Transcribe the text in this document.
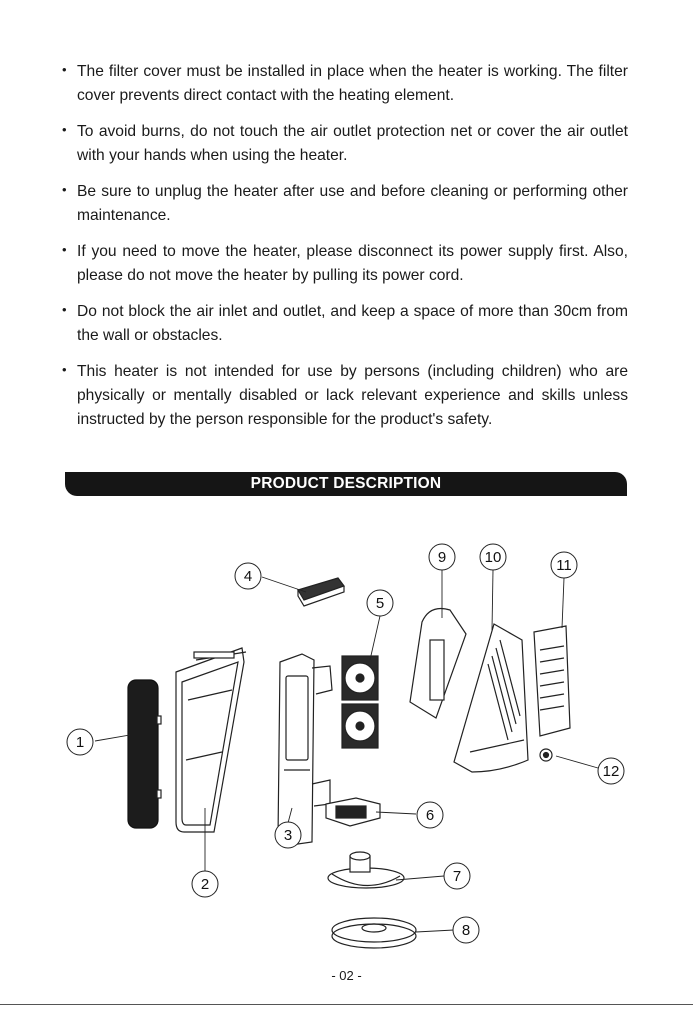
• The filter cover must be installed in place when the heater is working. The filter cover prevents direct contact with the heating element.
• To avoid burns, do not touch the air outlet protection net or cover the air outlet with your hands when using the heater.
• Be sure to unplug the heater after use and before cleaning or performing other maintenance.
• If you need to move the heater, please disconnect its power supply first. Also, please do not move the heater by pulling its power cord.
• Do not block the air inlet and outlet, and keep a space of more than 30cm from the wall or obstacles.
• This heater is not intended for use by persons (including children) who are physically or mentally disabled or lack relevant experience and skills unless instructed by the person responsible for the product's safety.
PRODUCT DESCRIPTION
1
2
3
4
5
6
7
8
9	10	11
12
- 02 -
